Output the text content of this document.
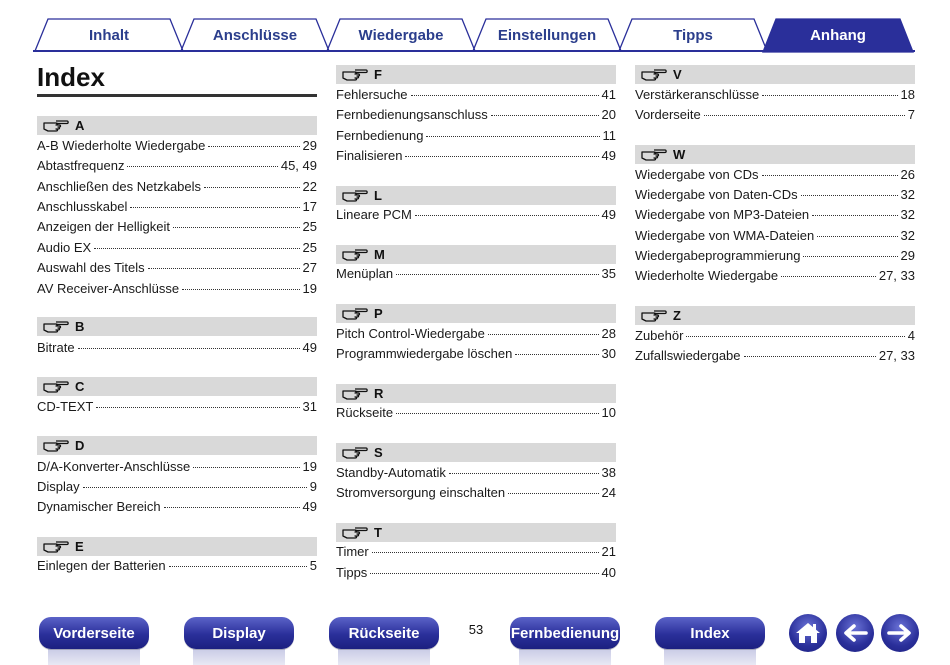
Inhalt	Anschlüsse	Wiedergabe	Einstellungen	Tipps	Anhang
Index
A
A-B Wiederholte Wiedergabe	29
Abtastfrequenz	45, 49
Anschließen des Netzkabels	22
Anschlusskabel	17
Anzeigen der Helligkeit	25
Audio EX	25
Auswahl des Titels	27
AV Receiver-Anschlüsse	19
B
Bitrate	49
C
CD-TEXT	31
D
D/A-Konverter-Anschlüsse	19
Display	9
Dynamischer Bereich	49
E
Einlegen der Batterien	5
F
Fehlersuche	41
Fernbedienungsanschluss	20
Fernbedienung	11
Finalisieren	49
L
Lineare PCM	49
M
Menüplan	35
P
Pitch Control-Wiedergabe	28
Programmwiedergabe löschen	30
R
Rückseite	10
S
Standby-Automatik	38
Stromversorgung einschalten	24
T
Timer	21
Tipps	40
V
Verstärkeranschlüsse	18
Vorderseite	7
W
Wiedergabe von CDs	26
Wiedergabe von Daten-CDs	32
Wiedergabe von MP3-Dateien	32
Wiedergabe von WMA-Dateien	32
Wiedergabeprogrammierung	29
Wiederholte Wiedergabe	27, 33
Z
Zubehör	4
Zufallswiedergabe	27, 33
Vorderseite	Display	Rückseite	53	Fernbedienung	Index
